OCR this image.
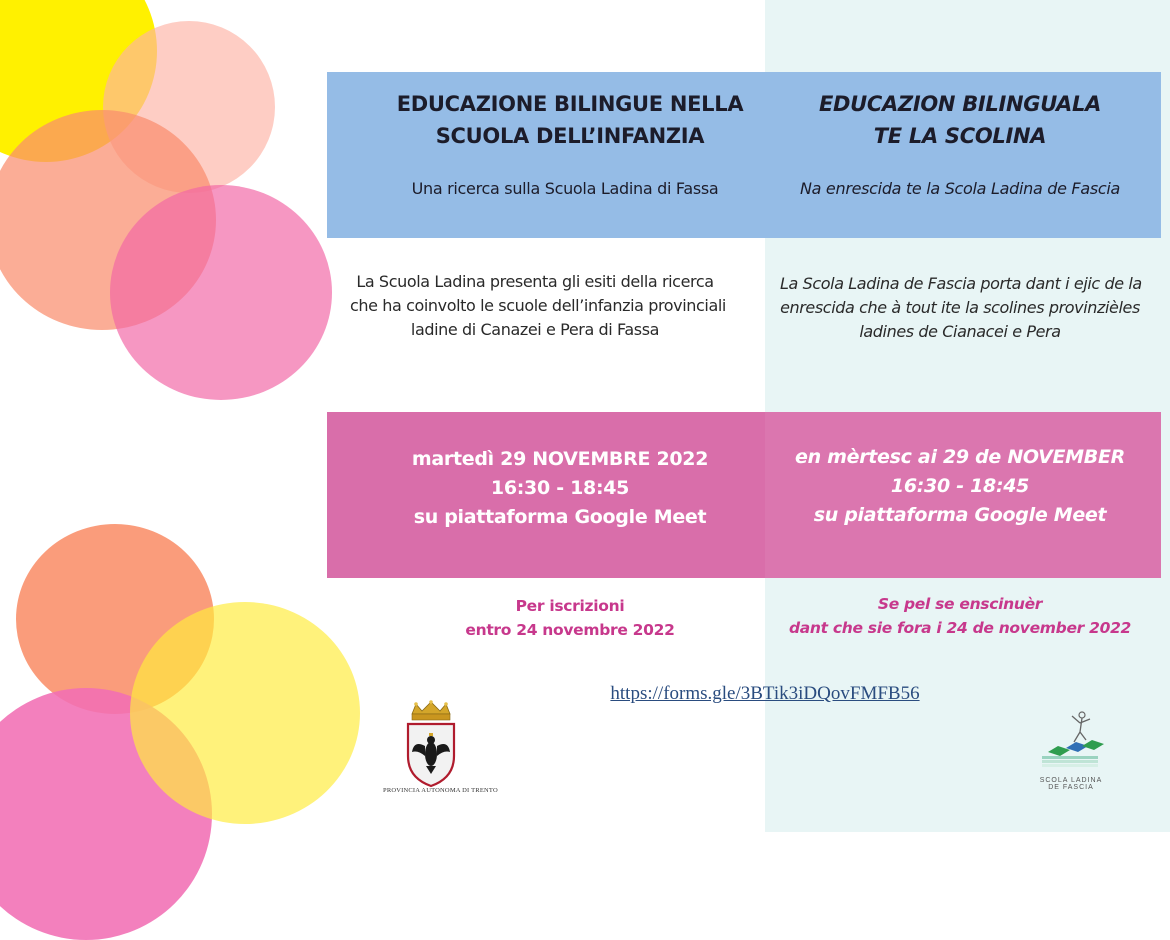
EDUCAZIONE BILINGUE NELLA
SCUOLA DELL’INFANZIA
Una ricerca sulla Scuola Ladina di Fassa
EDUCAZION BILINGUALA
TE LA SCOLINA
Na enrescida te la Scola Ladina de Fascia
La Scuola Ladina presenta gli esiti della ricerca
che ha coinvolto le scuole dell’infanzia provinciali
ladine di Canazei e Pera di Fassa
La Scola Ladina de Fascia porta dant i ejic de la
enrescida che à tout ite la scolines provinzièles
ladines de Cianacei e Pera
martedì 29 NOVEMBRE 2022
16:30 - 18:45
su piattaforma Google Meet
en mèrtesc ai 29 de NOVEMBER
16:30 - 18:45
su piattaforma Google Meet
Per iscrizioni
entro 24 novembre 2022
Se pel se enscinuèr
dant che sie fora i 24 de november 2022
https://forms.gle/3BTik3iDQovFMFB56
PROVINCIA AUTONOMA DI TRENTO
SCOLA LADINA
DE FASCIA
